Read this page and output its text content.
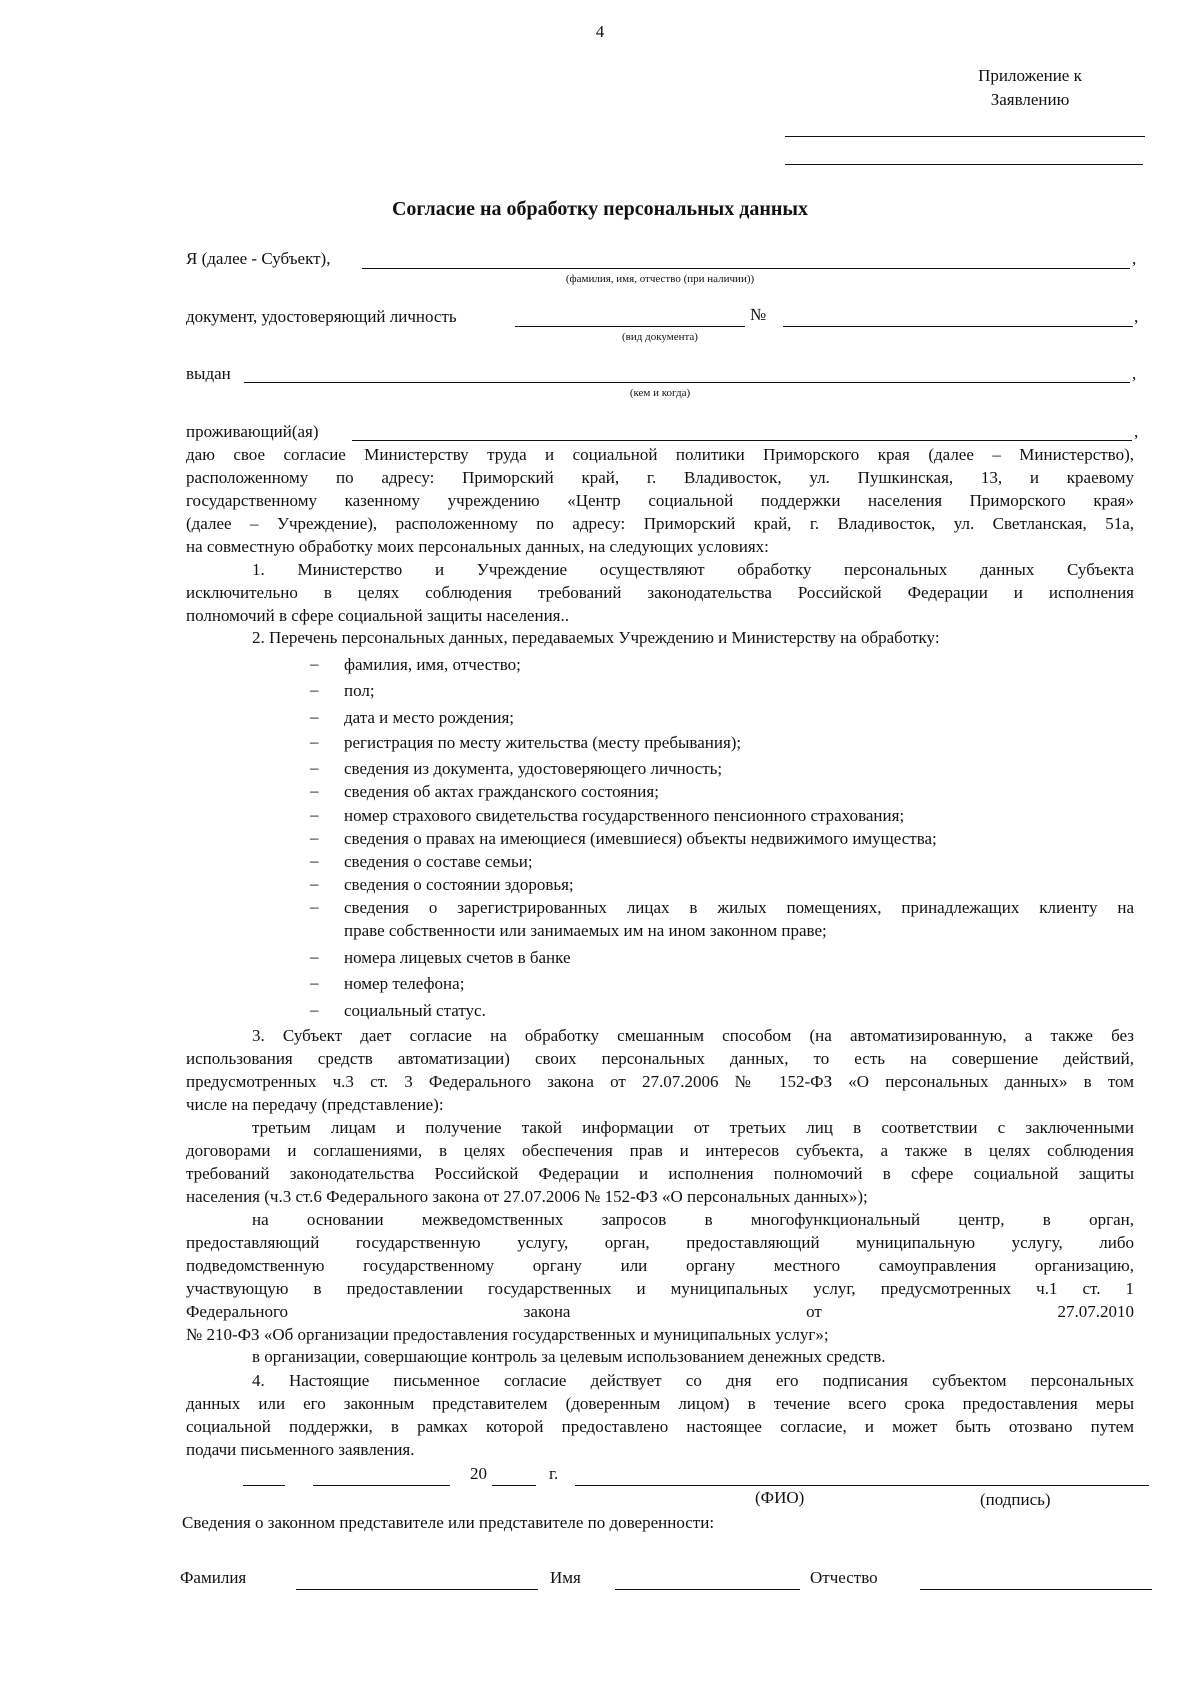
4
Приложение к
Заявлению
Согласие на обработку персональных данных
Я (далее - Субъект),	,
(фамилия, имя, отчество (при наличии))
документ, удостоверяющий личность	№	,
(вид документа)
выдан	,
(кем и когда)
проживающий(ая)	,
даю свое согласие Министерству труда и социальной политики Приморского края (далее – Министерство),
расположенному по адресу: Приморский край, г. Владивосток, ул. Пушкинская, 13, и краевому
государственному казенному учреждению «Центр социальной поддержки населения Приморского края»
(далее – Учреждение), расположенному по адресу: Приморский край, г. Владивосток, ул. Светланская, 51а,
на совместную обработку моих персональных данных, на следующих условиях:
1. Министерство и Учреждение осуществляют обработку персональных данных Субъекта
исключительно в целях соблюдения требований законодательства Российской Федерации и исполнения
полномочий в сфере социальной защиты населения..
2. Перечень персональных данных, передаваемых Учреждению и Министерству на обработку:
– фамилия, имя, отчество;
– пол;
– дата и место рождения;
– регистрация по месту жительства (месту пребывания);
– сведения из документа, удостоверяющего личность;
– сведения об актах гражданского состояния;
– номер страхового свидетельства государственного пенсионного страхования;
– сведения о правах на имеющиеся (имевшиеся) объекты недвижимого имущества;
– сведения о составе семьи;
– сведения о состоянии здоровья;
– сведения о зарегистрированных лицах в жилых помещениях, принадлежащих клиенту на
праве собственности или занимаемых им на ином законном праве;
– номера лицевых счетов в банке
– номер телефона;
– социальный статус.
3. Субъект дает согласие на обработку смешанным способом (на автоматизированную, а также без
использования средств автоматизации) своих персональных данных, то есть на совершение действий,
предусмотренных ч.3 ст. 3 Федерального закона от 27.07.2006 № 152-ФЗ «О персональных данных» в том
числе на передачу (представление):
третьим лицам и получение такой информации от третьих лиц в соответствии с заключенными
договорами и соглашениями, в целях обеспечения прав и интересов субъекта, а также в целях соблюдения
требований законодательства Российской Федерации и исполнения полномочий в сфере социальной защиты
населения (ч.3 ст.6 Федерального закона от 27.07.2006 № 152-ФЗ «О персональных данных»);
на основании межведомственных запросов в многофункциональный центр, в орган,
предоставляющий государственную услугу, орган, предоставляющий муниципальную услугу, либо
подведомственную государственному органу или органу местного самоуправления организацию,
участвующую в предоставлении государственных и муниципальных услуг, предусмотренных ч.1 ст. 1
Федерального закона от 27.07.2010
№ 210-ФЗ «Об организации предоставления государственных и муниципальных услуг»;
в организации, совершающие контроль за целевым использованием денежных средств.
4. Настоящие письменное согласие действует со дня его подписания субъектом персональных
данных или его законным представителем (доверенным лицом) в течение всего срока предоставления меры
социальной поддержки, в рамках которой предоставлено настоящее согласие, и может быть отозвано путем
подачи письменного заявления.
20	г.
(ФИО)	(подпись)
Сведения о законном представителе или представителе по доверенности:
Фамилия	Имя	Отчество
